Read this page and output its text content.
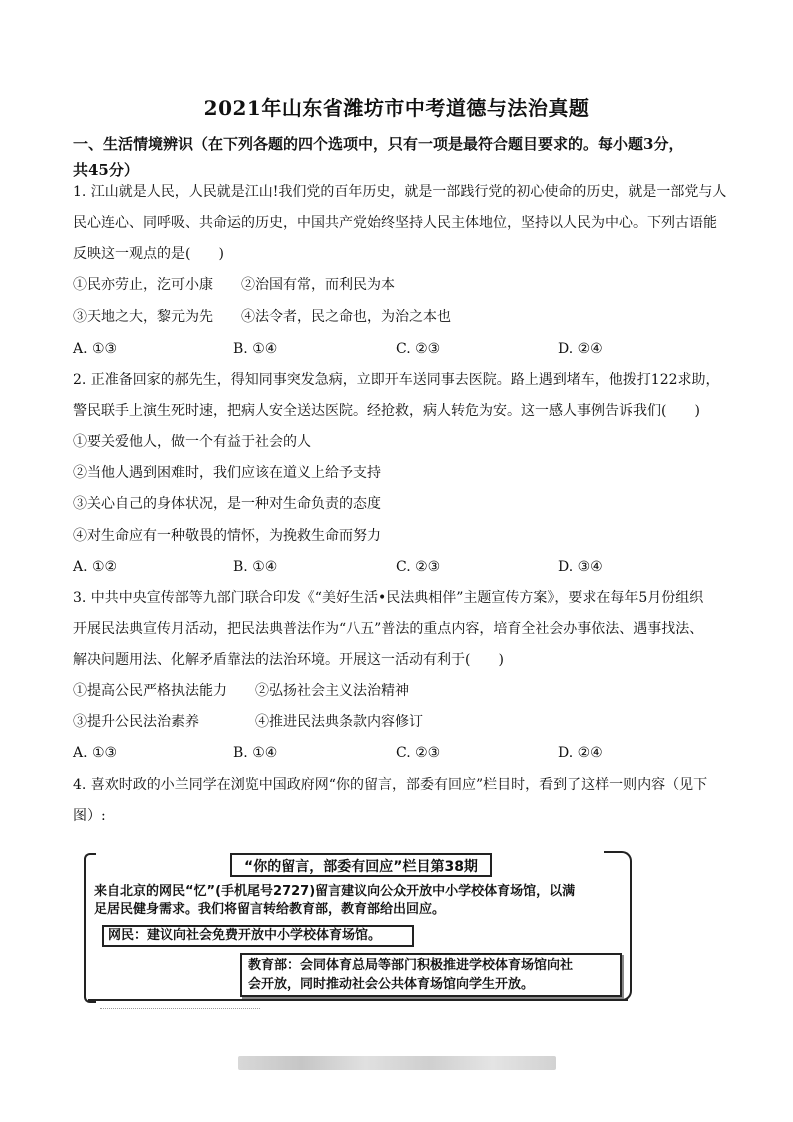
2021年山东省潍坊市中考道德与法治真题
一、生活情境辨识（在下列各题的四个选项中，只有一项是最符合题目要求的。每小题3分，
共45分）
1. 江山就是人民，人民就是江山!我们党的百年历史，就是一部践行党的初心使命的历史，就是一部党与人
民心连心、同呼吸、共命运的历史，中国共产党始终坚持人民主体地位，坚持以人民为中心。下列古语能
反映这一观点的是(　　)
①民亦劳止，汔可小康　　②治国有常，而利民为本
③天地之大，黎元为先　　④法令者，民之命也，为治之本也
A. ①③	B. ①④	C. ②③	D. ②④
2. 正准备回家的郝先生，得知同事突发急病，立即开车送同事去医院。路上遇到堵车，他拨打122求助，
警民联手上演生死时速，把病人安全送达医院。经抢救，病人转危为安。这一感人事例告诉我们(　　)
①要关爱他人，做一个有益于社会的人
②当他人遇到困难时，我们应该在道义上给予支持
③关心自己的身体状况，是一种对生命负责的态度
④对生命应有一种敬畏的情怀，为挽救生命而努力
A. ①②	B. ①④	C. ②③	D. ③④
3. 中共中央宣传部等九部门联合印发《“美好生活•民法典相伴”主题宣传方案》，要求在每年5月份组织
开展民法典宣传月活动，把民法典普法作为“八五”普法的重点内容，培育全社会办事依法、遇事找法、
解决问题用法、化解矛盾靠法的法治环境。开展这一活动有利于(　　)
①提高公民严格执法能力　　②弘扬社会主义法治精神
③提升公民法治素养　　　　④推进民法典条款内容修订
A. ①③	B. ①④	C. ②③	D. ②④
4. 喜欢时政的小兰同学在浏览中国政府网“你的留言，部委有回应”栏目时，看到了这样一则内容（见下
图）:
“你的留言，部委有回应”栏目第38期
来自北京的网民“忆”(手机尾号2727)留言建议向公众开放中小学校体育场馆，以满
足居民健身需求。我们将留言转给教育部，教育部给出回应。
网民：建议向社会免费开放中小学校体育场馆。
教育部：会同体育总局等部门积极推进学校体育场馆向社
会开放，同时推动社会公共体育场馆向学生开放。
